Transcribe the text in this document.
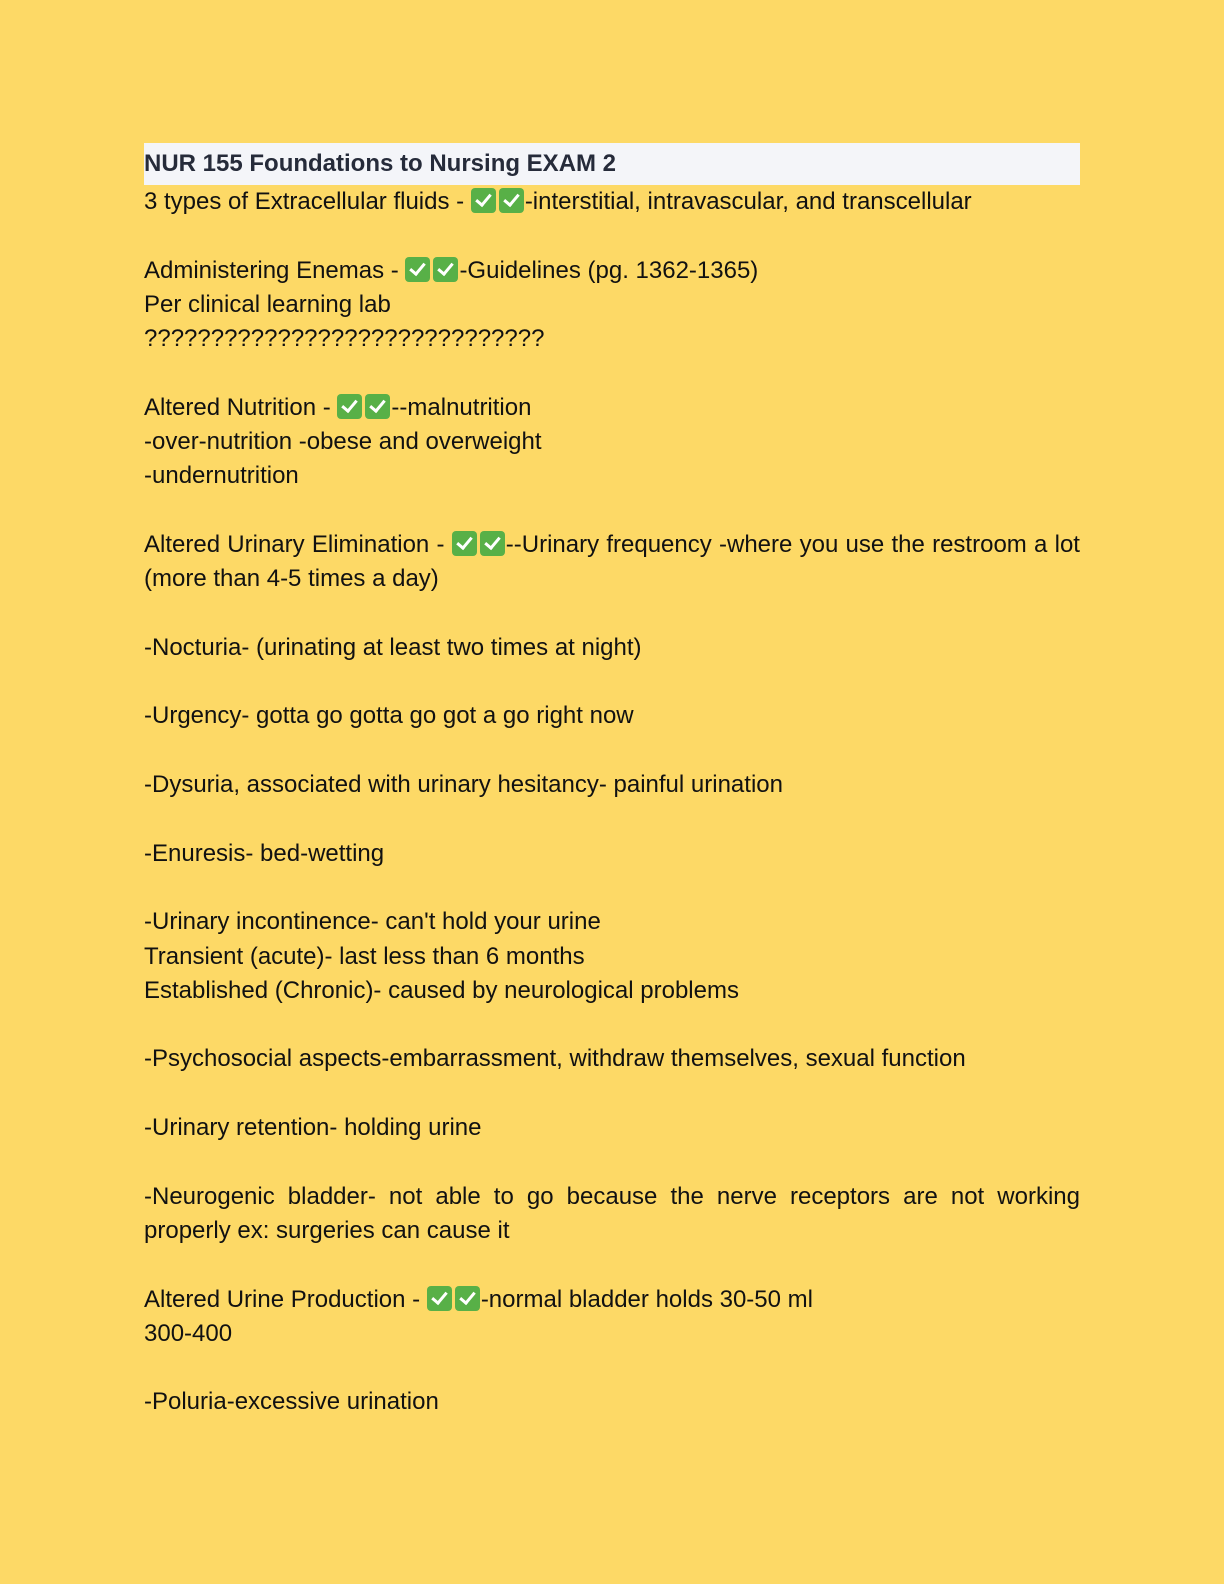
NUR 155 Foundations to Nursing EXAM 2
3 types of Extracellular fluids -	-interstitial, intravascular, and transcellular
Administering Enemas -	-Guidelines (pg. 1362-1365)
Per clinical learning lab
??????????????????????????????
Altered Nutrition -	--malnutrition
-over-nutrition -obese and overweight
-undernutrition
Altered Urinary Elimination -	--Urinary frequency -where you use the restroom a lot (more than 4-5 times a day)
-Nocturia- (urinating at least two times at night)
-Urgency- gotta go gotta go got a go right now
-Dysuria, associated with urinary hesitancy- painful urination
-Enuresis- bed-wetting
-Urinary incontinence- can't hold your urine
Transient (acute)- last less than 6 months
Established (Chronic)- caused by neurological problems
-Psychosocial aspects-embarrassment, withdraw themselves, sexual function
-Urinary retention- holding urine
-Neurogenic bladder- not able to go because the nerve receptors are not working properly ex: surgeries can cause it
Altered Urine Production -	-normal bladder holds 30-50 ml
300-400
-Poluria-excessive urination
